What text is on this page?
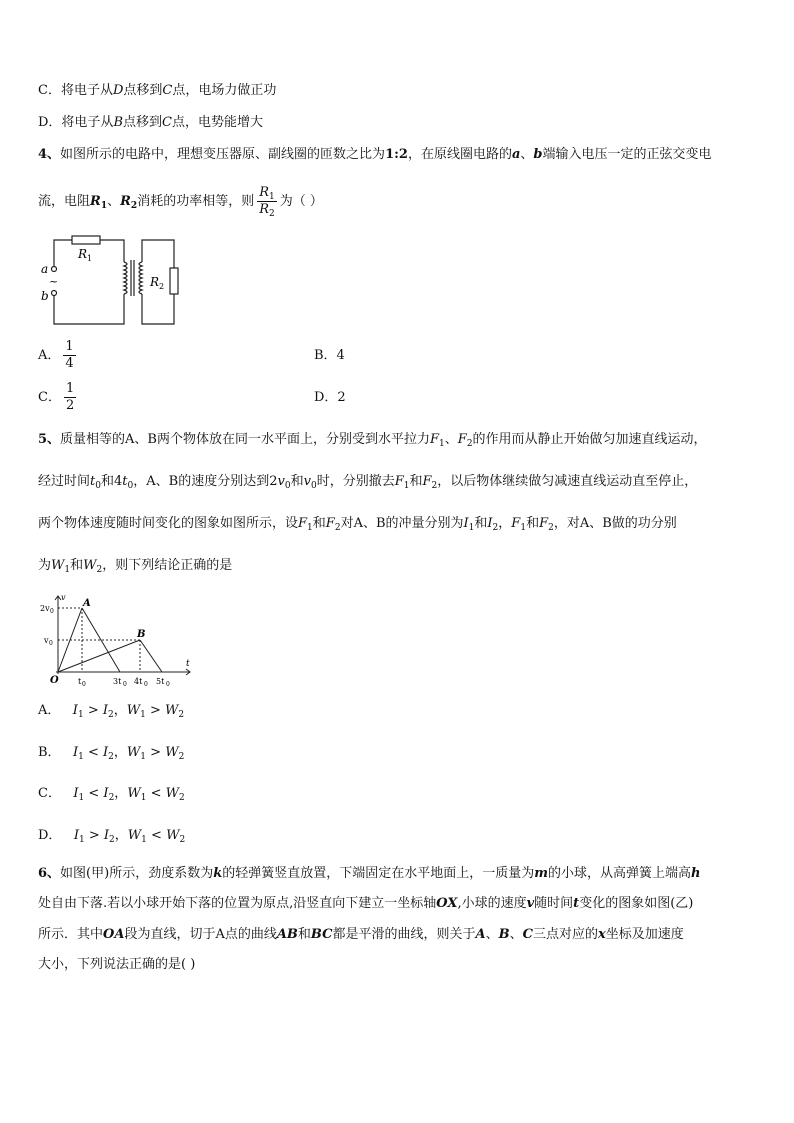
C．将电子从D点移到C点，电场力做正功
D．将电子从B点移到C点，电势能增大
4、如图所示的电路中，理想变压器原、副线圈的匝数之比为1:2，在原线圈电路的a、b端输入电压一定的正弦交变电
流，电阻$R_1$、$R_2$消耗的功率相等，则 $\frac{R_1}{R_2}$ 为（ ）
R 1
R 2
a
b
~
A． $\frac{1}{4}$	B．4
C． $\frac{1}{2}$	D．2
5、质量相等的A、B两个物体放在同一水平面上，分别受到水平拉力$F_1$、$F_2$的作用而从静止开始做匀加速直线运动，
经过时间$t_0$和$4t_0$，A、B的速度分别达到$2v_0$和$v_0$时，分别撤去$F_1$和$F_2$，以后物体继续做匀减速直线运动直至停止，
两个物体速度随时间变化的图象如图所示，设$F_1$和$F_2$对A、B的冲量分别为$I_1$和$I_2$，$F_1$和$F_2$，对A、B做的功分别
为$W_1$和$W_2$，则下列结论正确的是
v
t
O
2v 0
v 0
A
B
t 0	3t 0 4t 0 5t 0
A． $I_1 > I_2$，$W_1 > W_2$
B． $I_1 < I_2$，$W_1 > W_2$
C． $I_1 < I_2$，$W_1 < W_2$
D． $I_1 > I_2$，$W_1 < W_2$
6、如图(甲)所示，劲度系数为k的轻弹簧竖直放置，下端固定在水平地面上，一质量为m的小球，从高弹簧上端高h
处自由下落.若以小球开始下落的位置为原点,沿竖直向下建立一坐标轴OX,小球的速度v随时间t变化的图象如图(乙)
所示．其中OA段为直线，切于A点的曲线AB和BC都是平滑的曲线，则关于A、B、C三点对应的x坐标及加速度
大小，下列说法正确的是( )
